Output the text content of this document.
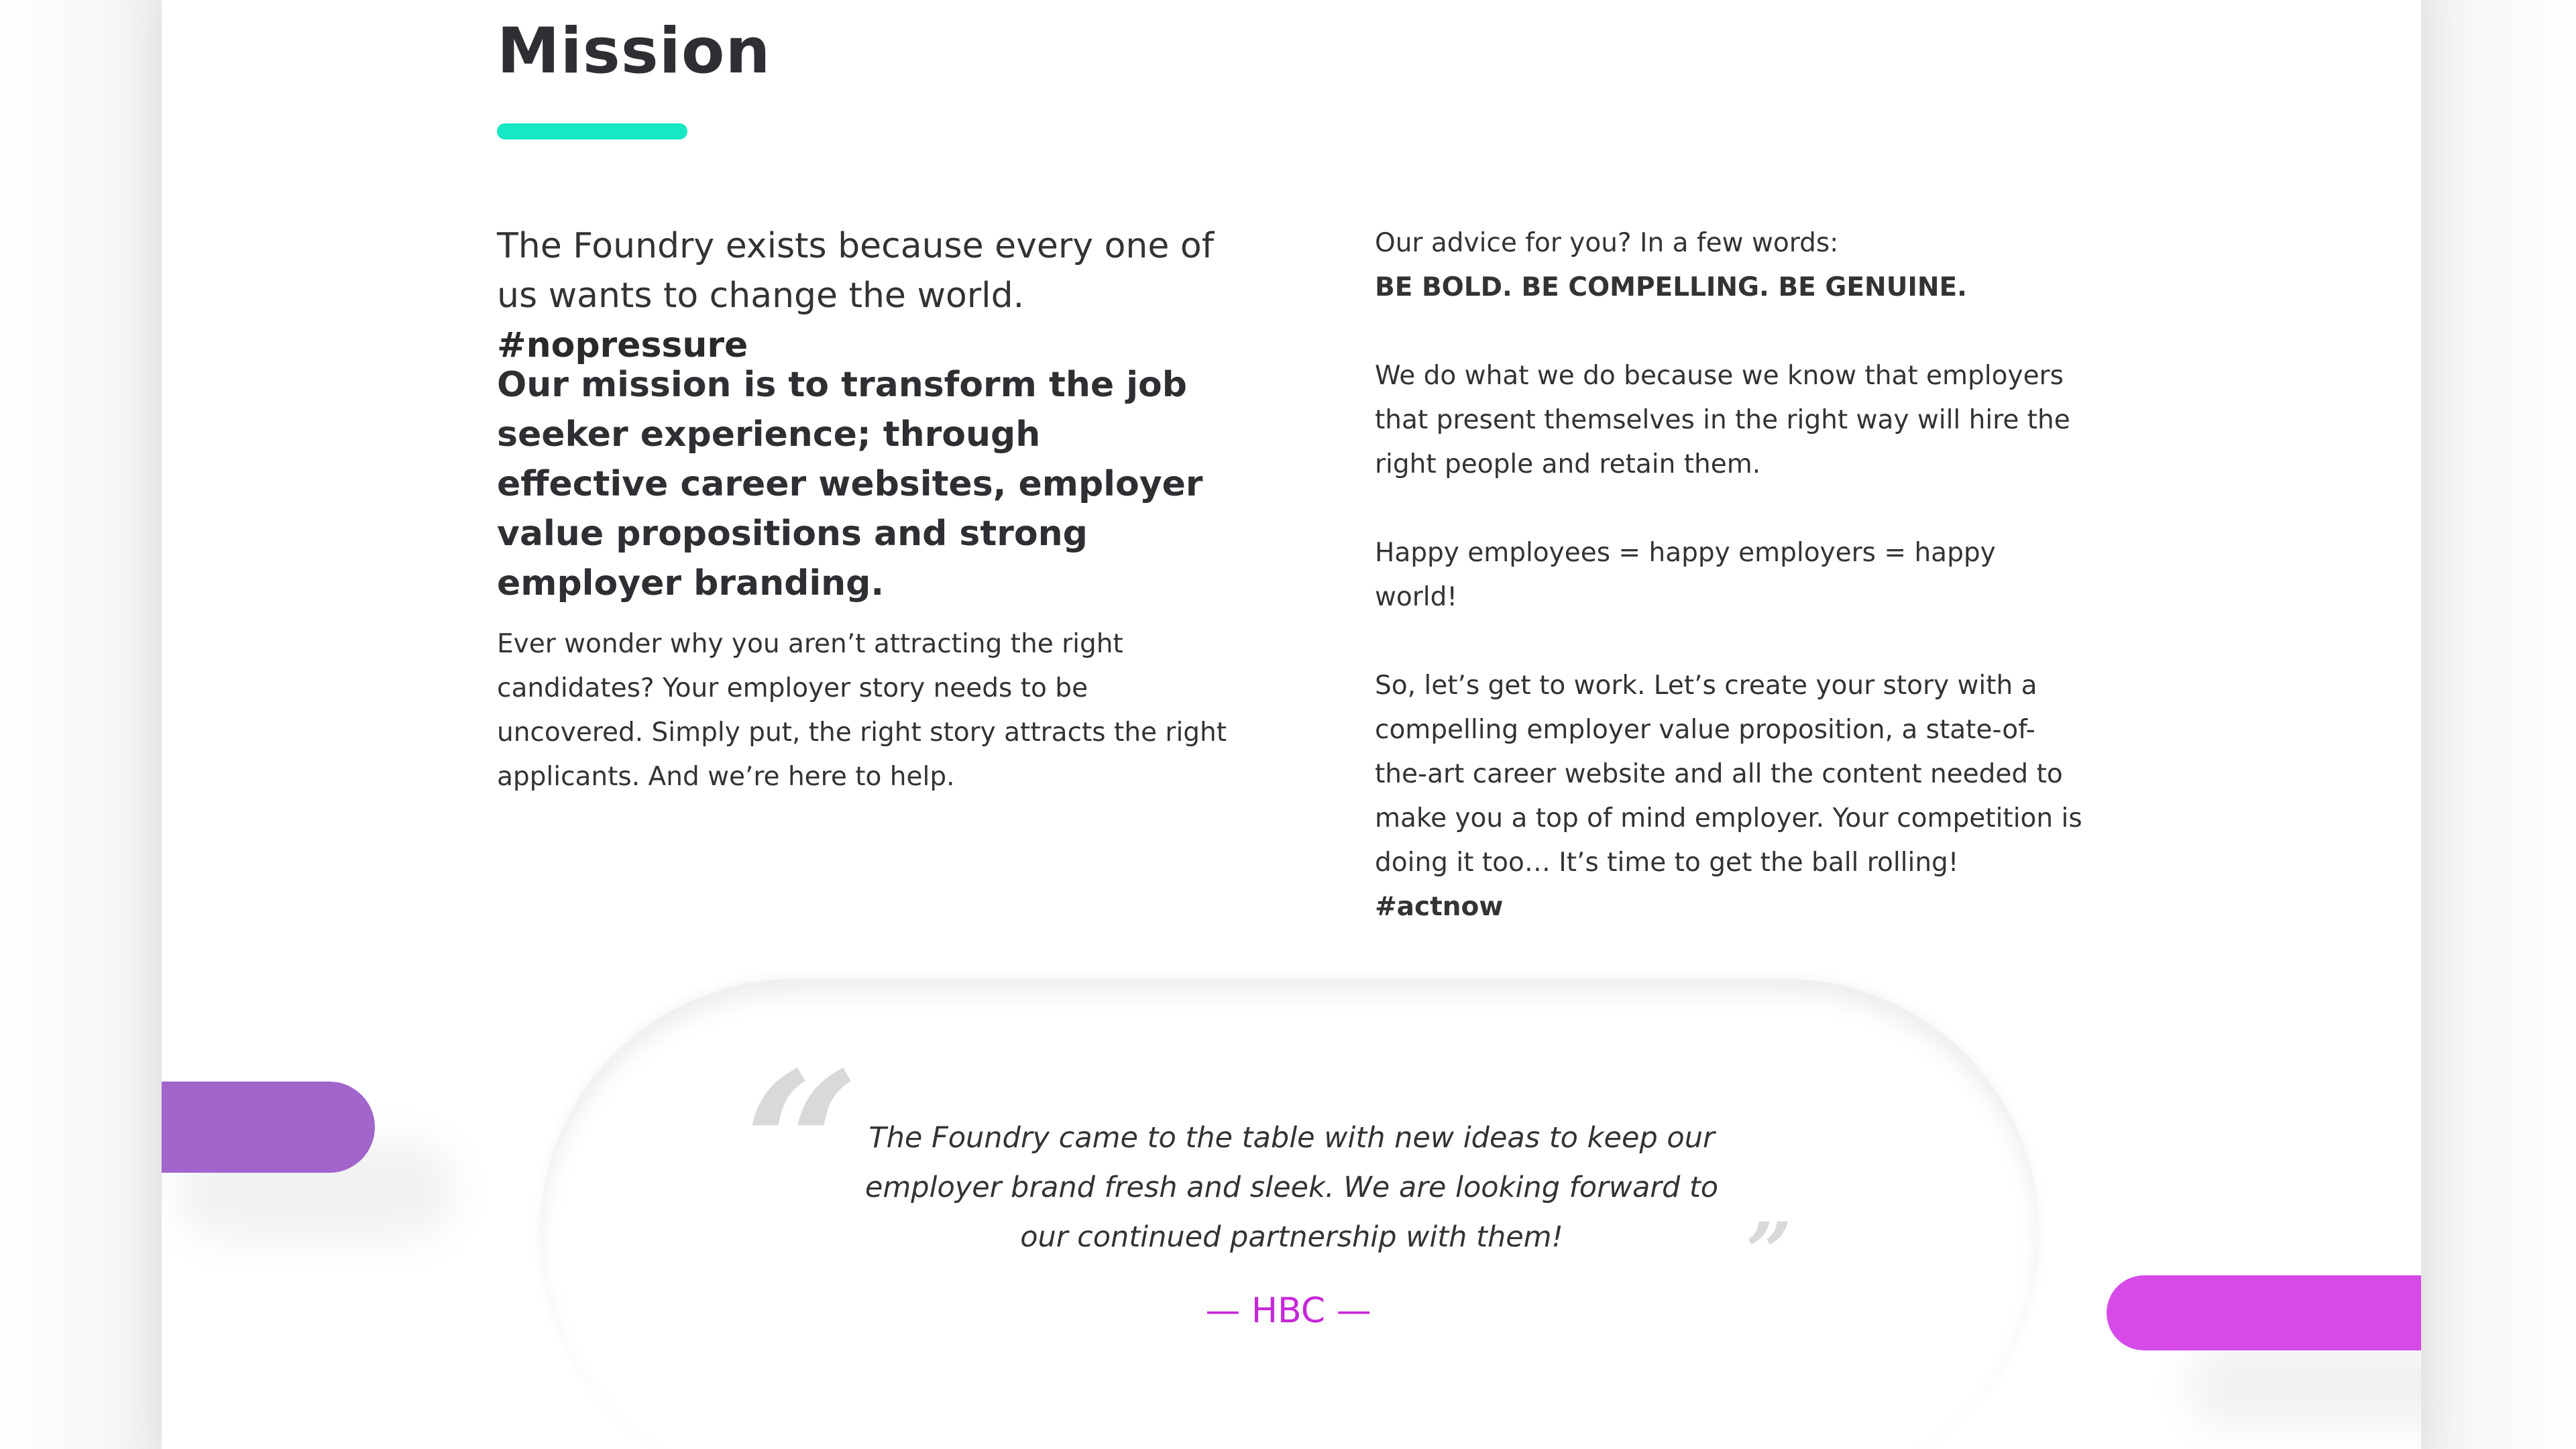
Mission
The Foundry exists because every one of us wants to change the world. #nopressure
Our mission is to transform the job seeker experience; through effective career websites, employer value propositions and strong employer branding.
Ever wonder why you aren’t attracting the right candidates? Your employer story needs to be uncovered. Simply put, the right story attracts the right applicants. And we’re here to help.

Our advice for you? In a few words:
BE BOLD. BE COMPELLING. BE GENUINE.

We do what we do because we know that employers that present themselves in the right way will hire the right people and retain them.

Happy employees = happy employers = happy world!

So, let’s get to work. Let’s create your story with a compelling employer value proposition, a state-of-the-art career website and all the content needed to make you a top of mind employer. Your competition is doing it too… It’s time to get the ball rolling! #actnow

“ The Foundry came to the table with new ideas to keep our employer brand fresh and sleek. We are looking forward to our continued partnership with them!	”
— HBC —
